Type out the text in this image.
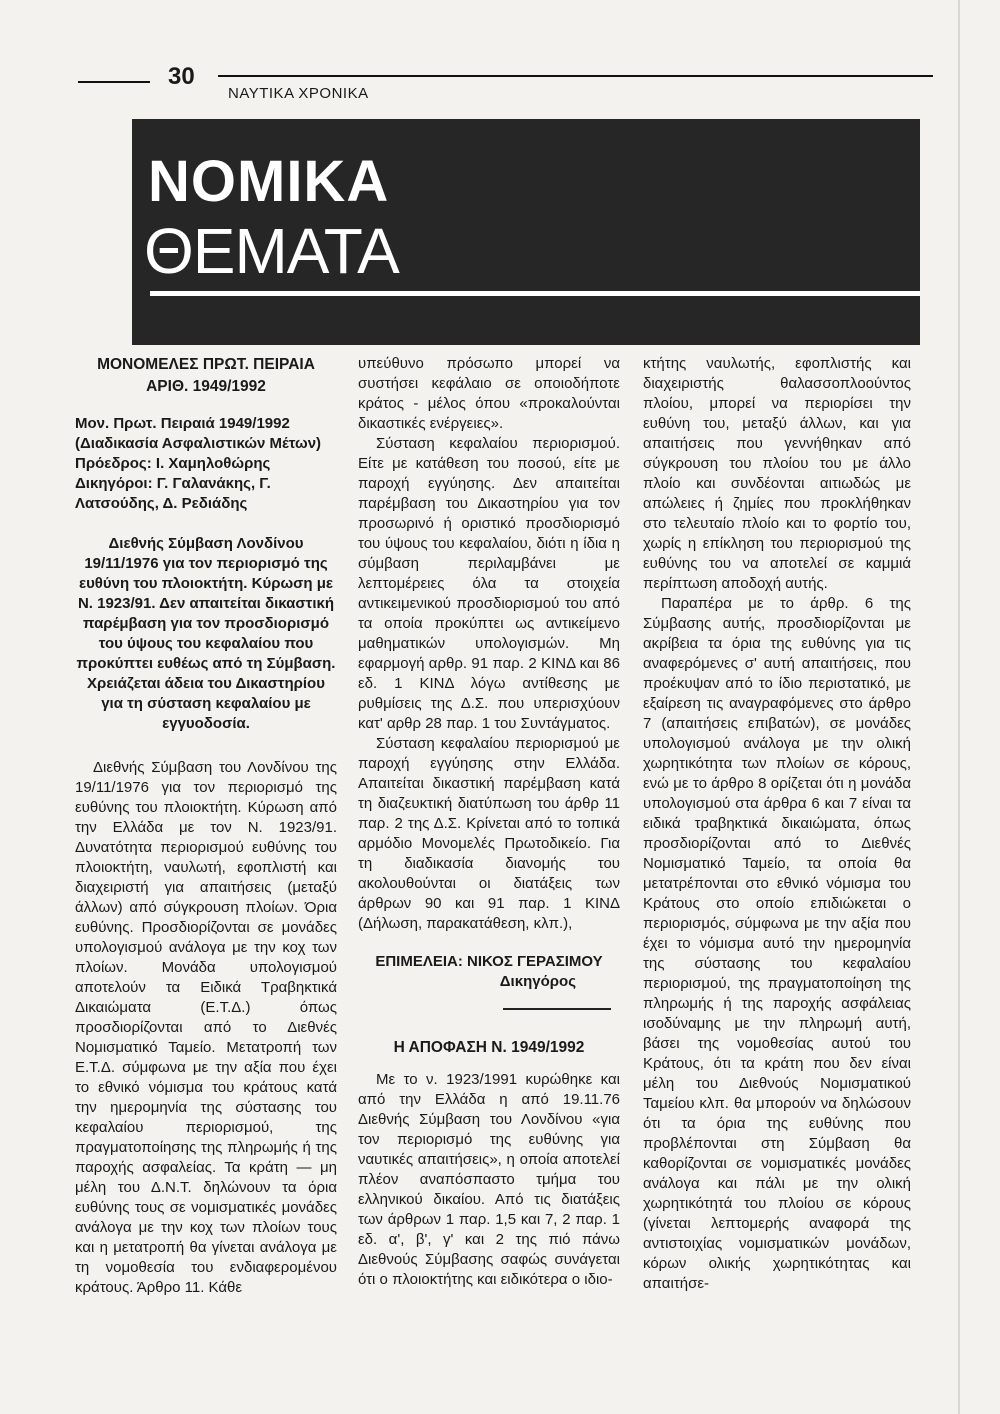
30
ΝΑΥΤΙΚΑ ΧΡΟΝΙΚΑ
ΝΟΜΙΚΑ
ΘΕΜΑΤΑ

ΜΟΝΟΜΕΛΕΣ ΠΡΩΤ. ΠΕΙΡΑΙΑ ΑΡΙΘ. 1949/1992

Μον. Πρωτ. Πειραιά 1949/1992 (Διαδικασία Ασφαλιστικών Μέτων)

Πρόεδρος: Ι. Χαμηλοθώρης

Δικηγόροι: Γ. Γαλανάκης, Γ. Λατσούδης, Δ. Ρεδιάδης

Διεθνής Σύμβαση Λονδίνου 19/11/1976 για τον περιορισμό της ευθύνη του πλοιοκτήτη. Κύρωση με Ν. 1923/91. Δεν απαιτείται δικαστική παρέμβαση για τον προσδιορισμό του ύψους του κεφαλαίου που προκύπτει ευθέως από τη Σύμβαση. Χρειάζεται άδεια του Δικαστηρίου για τη σύσταση κεφαλαίου με εγγυοδοσία.

Διεθνής Σύμβαση του Λονδίνου της 19/11/1976 για τον περιορισμό της ευθύνης του πλοιοκτήτη. Κύρωση από την Ελλάδα με τον Ν. 1923/91. Δυνατότητα περιορισμού ευθύνης του πλοιοκτήτη, ναυλωτή, εφοπλιστή και διαχειριστή για απαιτήσεις (μεταξύ άλλων) από σύγκρουση πλοίων. Όρια ευθύνης. Προσδιορίζονται σε μονάδες υπολογισμού ανάλογα με την κοχ των πλοίων. Μονάδα υπολογισμού αποτελούν τα Ειδικά Τραβηκτικά Δικαιώματα (Ε.Τ.Δ.) όπως προσδιορίζονται από το Διεθνές Νομισματικό Ταμείο. Μετατροπή των Ε.Τ.Δ. σύμφωνα με την αξία που έχει το εθνικό νόμισμα του κράτους κατά την ημερομηνία της σύστασης του κεφαλαίου περιορισμού, της πραγματοποίησης της πληρωμής ή της παροχής ασφαλείας. Τα κράτη — μη μέλη του Δ.Ν.Τ. δηλώνουν τα όρια ευθύνης τους σε νομισματικές μονάδες ανάλογα με την κοχ των πλοίων τους και η μετατροπή θα γίνεται ανάλογα με τη νομοθεσία του ενδιαφερομένου κράτους. Άρθρο 11. Κάθε

υπεύθυνο πρόσωπο μπορεί να συστήσει κεφάλαιο σε οποιοδήποτε κράτος - μέλος όπου «προκαλούνται δικαστικές ενέργειες».

Σύσταση κεφαλαίου περιορισμού. Είτε με κατάθεση του ποσού, είτε με παροχή εγγύησης. Δεν απαιτείται παρέμβαση του Δικαστηρίου για τον προσωρινό ή οριστικό προσδιορισμό του ύψους του κεφαλαίου, διότι η ίδια η σύμβαση περιλαμβάνει με λεπτομέρειες όλα τα στοιχεία αντικειμενικού προσδιορισμού του από τα οποία προκύπτει ως αντικείμενο μαθηματικών υπολογισμών. Μη εφαρμογή αρθρ. 91 παρ. 2 ΚΙΝΔ και 86 εδ. 1 ΚΙΝΔ λόγω αντίθεσης με ρυθμίσεις της Δ.Σ. που υπερισχύουν κατ' αρθρ 28 παρ. 1 του Συντάγματος.

Σύσταση κεφαλαίου περιορισμού με παροχή εγγύησης στην Ελλάδα. Απαιτείται δικαστική παρέμβαση κατά τη διαζευκτική διατύπωση του άρθρ 11 παρ. 2 της Δ.Σ. Κρίνεται από το τοπικά αρμόδιο Μονομελές Πρωτοδικείο. Για τη διαδικασία διανομής του ακολουθούνται οι διατάξεις των άρθρων 90 και 91 παρ. 1 ΚΙΝΔ (Δήλωση, παρακατάθεση, κλπ.),

ΕΠΙΜΕΛΕΙΑ: ΝΙΚΟΣ ΓΕΡΑΣΙΜΟΥ

Δικηγόρος

Η ΑΠΟΦΑΣΗ Ν. 1949/1992

Με το ν. 1923/1991 κυρώθηκε και από την Ελλάδα η από 19.11.76 Διεθνής Σύμβαση του Λονδίνου «για τον περιορισμό της ευθύνης για ναυτικές απαιτήσεις», η οποία αποτελεί πλέον αναπόσπαστο τμήμα του ελληνικού δικαίου. Από τις διατάξεις των άρθρων 1 παρ. 1,5 και 7, 2 παρ. 1 εδ. α', β', γ' και 2 της πιό πάνω Διεθνούς Σύμβασης σαφώς συνάγεται ότι ο πλοιοκτήτης και ειδικότερα ο ιδιο-

κτήτης ναυλωτής, εφοπλιστής και διαχειριστής θαλασσοπλοούντος πλοίου, μπορεί να περιορίσει την ευθύνη του, μεταξύ άλλων, και για απαιτήσεις που γεννήθηκαν από σύγκρουση του πλοίου του με άλλο πλοίο και συνδέονται αιτιωδώς με απώλειες ή ζημίες που προκλήθηκαν στο τελευταίο πλοίο και το φορτίο του, χωρίς η επίκληση του περιορισμού της ευθύνης του να αποτελεί σε καμμιά περίπτωση αποδοχή αυτής.

Παραπέρα με το άρθρ. 6 της Σύμβασης αυτής, προσδιορίζονται με ακρίβεια τα όρια της ευθύνης για τις αναφερόμενες σ' αυτή απαιτήσεις, που προέκυψαν από το ίδιο περιστατικό, με εξαίρεση τις αναγραφόμενες στο άρθρο 7 (απαιτήσεις επιβατών), σε μονάδες υπολογισμού ανάλογα με την ολική χωρητικότητα των πλοίων σε κόρους, ενώ με το άρθρο 8 ορίζεται ότι η μονάδα υπολογισμού στα άρθρα 6 και 7 είναι τα ειδικά τραβηκτικά δικαιώματα, όπως προσδιορίζονται από το Διεθνές Νομισματικό Ταμείο, τα οποία θα μετατρέπονται στο εθνικό νόμισμα του Κράτους στο οποίο επιδιώκεται ο περιορισμός, σύμφωνα με την αξία που έχει το νόμισμα αυτό την ημερομηνία της σύστασης του κεφαλαίου περιορισμού, της πραγματοποίηση της πληρωμής ή της παροχής ασφάλειας ισοδύναμης με την πληρωμή αυτή, βάσει της νομοθεσίας αυτού του Κράτους, ότι τα κράτη που δεν είναι μέλη του Διεθνούς Νομισματικού Ταμείου κλπ. θα μπορούν να δηλώσουν ότι τα όρια της ευθύνης που προβλέπονται στη Σύμβαση θα καθορίζονται σε νομισματικές μονάδες ανάλογα και πάλι με την ολική χωρητικότητά του πλοίου σε κόρους (γίνεται λεπτομερής αναφορά της αντιστοιχίας νομισματικών μονάδων, κόρων ολικής χωρητικότητας και απαιτήσε-
